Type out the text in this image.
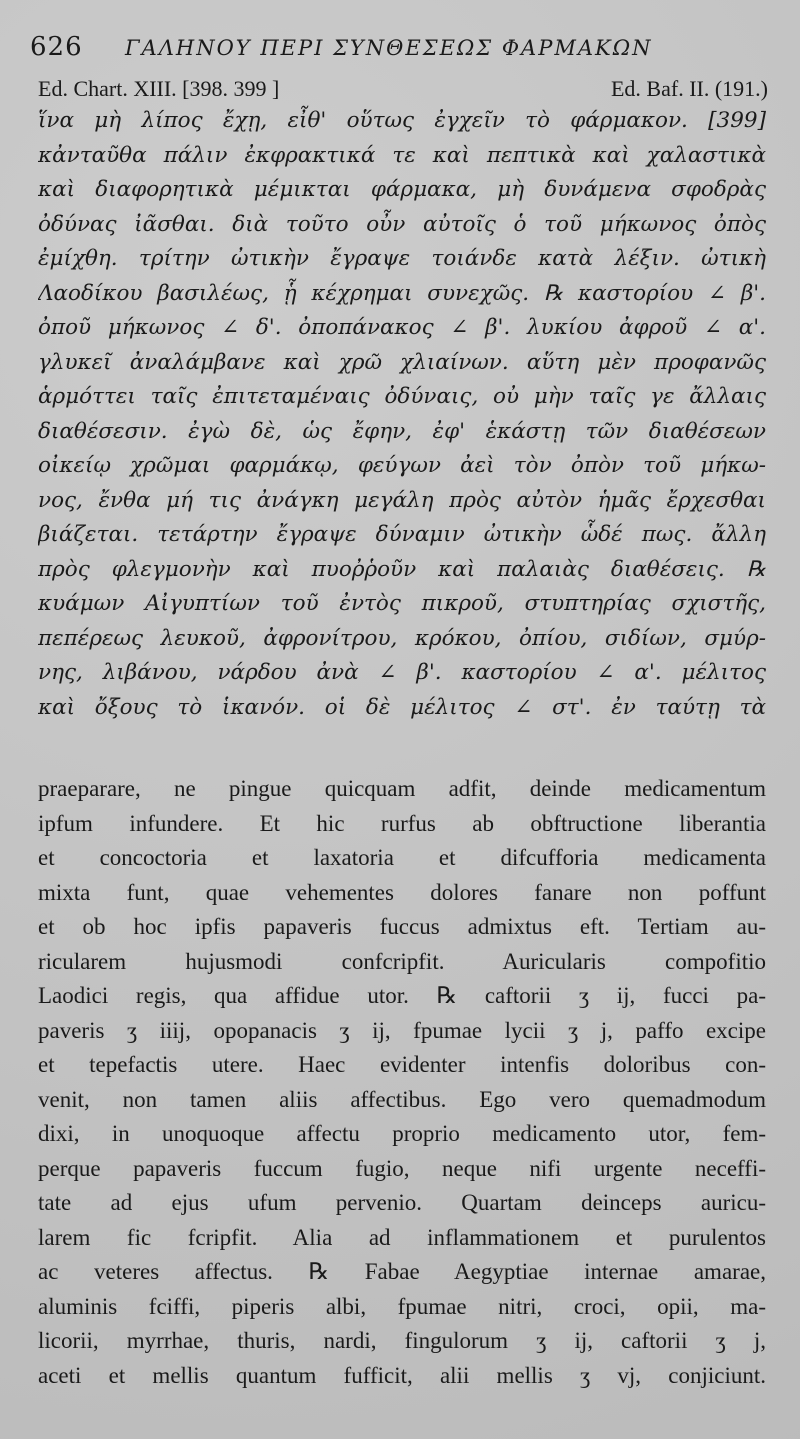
626 ΓΑΛΗΝΟΥ ΠΕΡΙ ΣΥΝΘΕΣΕΩΣ ΦΑΡΜΑΚΩΝ
Ed. Chart. XIII. [398. 399 ]	Ed. Baf. II. (191.)
ἵνα μὴ λίπος ἔχῃ, εἶθ' οὕτως ἐγχεῖν τὸ φάρμακον. [399]
κἀνταῦθα πάλιν ἐκφρακτικά τε καὶ πεπτικὰ καὶ χαλαστικὰ
καὶ διαφορητικὰ μέμικται φάρμακα, μὴ δυνάμενα σφοδρὰς
ὀδύνας ἰᾶσθαι. διὰ τοῦτο οὖν αὐτοῖς ὁ τοῦ μήκωνος ὀπὸς
ἐμίχθη. τρίτην ὠτικὴν ἔγραψε τοιάνδε κατὰ λέξιν. ὠτικὴ
Λαοδίκου βασιλέως, ᾗ κέχρημαι συνεχῶς. ℞ καστορίου ∠ β'.
ὀποῦ μήκωνος ∠ δ'. ὀποπάνακος ∠ β'. λυκίου ἀφροῦ ∠ α'.
γλυκεῖ ἀναλάμβανε καὶ χρῶ χλιαίνων. αὕτη μὲν προφανῶς
ἁρμόττει ταῖς ἐπιτεταμέναις ὀδύναις, οὐ μὴν ταῖς γε ἄλλαις
διαθέσεσιν. ἐγὼ δὲ, ὡς ἔφην, ἐφ' ἑκάστῃ τῶν διαθέσεων
οἰκείῳ χρῶμαι φαρμάκῳ, φεύγων ἀεὶ τὸν ὀπὸν τοῦ μήκω-
νος, ἔνθα μή τις ἀνάγκη μεγάλη πρὸς αὐτὸν ἡμᾶς ἔρχεσθαι
βιάζεται. τετάρτην ἔγραψε δύναμιν ὠτικὴν ὧδέ πως. ἄλλη
πρὸς φλεγμονὴν καὶ πυοῤῥοῦν καὶ παλαιὰς διαθέσεις. ℞
κυάμων Αἰγυπτίων τοῦ ἐντὸς πικροῦ, στυπτηρίας σχιστῆς,
πεπέρεως λευκοῦ, ἀφρονίτρου, κρόκου, ὀπίου, σιδίων, σμύρ-
νης, λιβάνου, νάρδου ἀνὰ ∠ β'. καστορίου ∠ α'. μέλιτος
καὶ ὄξους τὸ ἱκανόν. οἱ δὲ μέλιτος ∠ στ'. ἐν ταύτῃ τὰ
praeparare, ne pingue quicquam adfit, deinde medicamentum
ipfum infundere. Et hic rurfus ab obftructione liberantia
et concoctoria et laxatoria et difcufforia medicamenta
mixta funt, quae vehementes dolores fanare non poffunt
et ob hoc ipfis papaveris fuccus admixtus eft. Tertiam au-
ricularem hujusmodi confcripfit. Auricularis compofitio
Laodici regis, qua affidue utor. ℞ caftorii ʒ ij, fucci pa-
paveris ʒ iiij, opopanacis ʒ ij, fpumae lycii ʒ j, paffo excipe
et tepefactis utere. Haec evidenter intenfis doloribus con-
venit, non tamen aliis affectibus. Ego vero quemadmodum
dixi, in unoquoque affectu proprio medicamento utor, fem-
perque papaveris fuccum fugio, neque nifi urgente neceffi-
tate ad ejus ufum pervenio. Quartam deinceps auricu-
larem fic fcripfit. Alia ad inflammationem et purulentos
ac veteres affectus. ℞ Fabae Aegyptiae internae amarae,
aluminis fciffi, piperis albi, fpumae nitri, croci, opii, ma-
licorii, myrrhae, thuris, nardi, fingulorum ʒ ij, caftorii ʒ j,
aceti et mellis quantum fufficit, alii mellis ʒ vj, conjiciunt.
